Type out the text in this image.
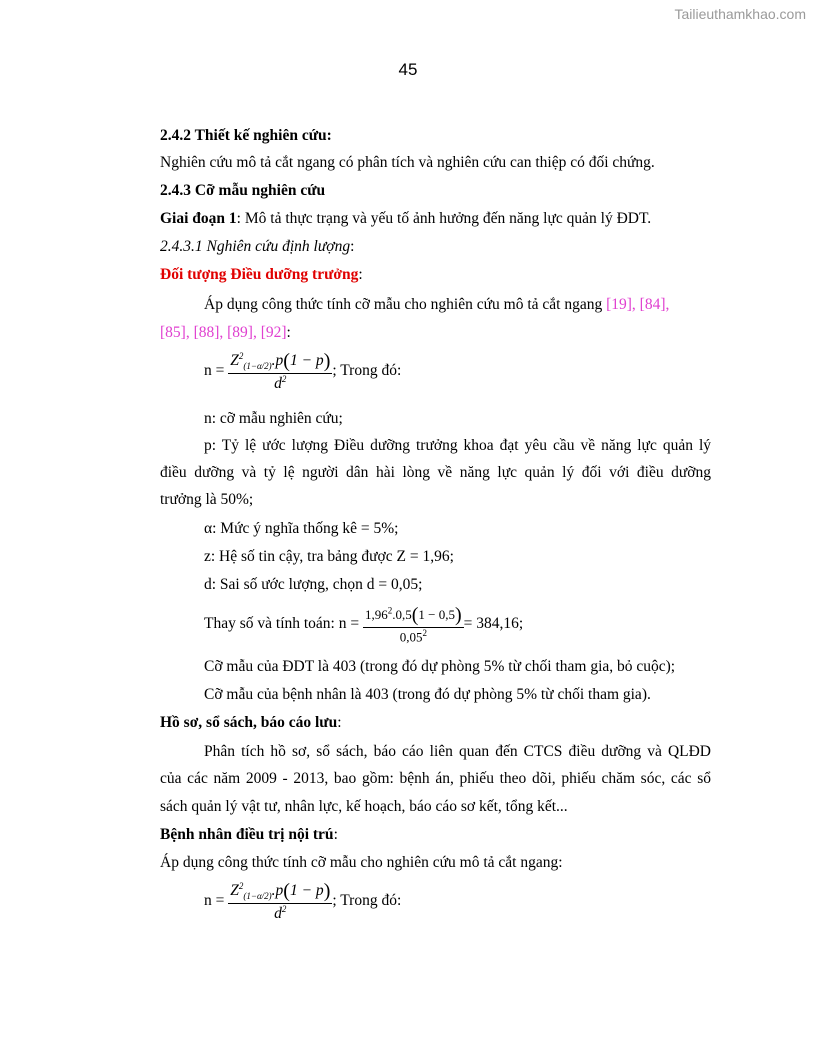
Tailieuthamkhao.com
45
2.4.2 Thiết kế nghiên cứu:
Nghiên cứu mô tả cắt ngang có phân tích và nghiên cứu can thiệp có đối chứng.
2.4.3 Cỡ mẫu nghiên cứu
Giai đoạn 1: Mô tả thực trạng và yếu tố ảnh hưởng đến năng lực quản lý ĐDT.
2.4.3.1 Nghiên cứu định lượng:
Đối tượng Điều dưỡng trưởng:
Áp dụng công thức tính cỡ mẫu cho nghiên cứu mô tả cắt ngang [19], [84],
[85], [88], [89], [92]:
$n = \frac{Z^2_{(1-\alpha/2)}.p(1 - p)}{d^2}$ ; Trong đó:
n: cỡ mẫu nghiên cứu;
p: Tỷ lệ ước lượng Điều dưỡng trưởng khoa đạt yêu cầu về năng lực quản lý
điều dưỡng và tỷ lệ người dân hài lòng về năng lực quản lý đối với điều dưỡng
trưởng là 50%;
α: Mức ý nghĩa thống kê = 5%;
z: Hệ số tin cậy, tra bảng được Z = 1,96;
d: Sai số ước lượng, chọn d = 0,05;
Thay số và tính toán: $n = \frac{1,96^2.0,5(1 - 0,5)}{0,05^2} = 384,16$;
Cỡ mẫu của ĐDT là 403 (trong đó dự phòng 5% từ chối tham gia, bỏ cuộc);
Cỡ mẫu của bệnh nhân là 403 (trong đó dự phòng 5% từ chối tham gia).
Hồ sơ, sổ sách, báo cáo lưu:
Phân tích hồ sơ, sổ sách, báo cáo liên quan đến CTCS điều dưỡng và QLĐD
của các năm 2009 - 2013, bao gồm: bệnh án, phiếu theo dõi, phiếu chăm sóc, các sổ
sách quản lý vật tư, nhân lực, kế hoạch, báo cáo sơ kết, tổng kết...
Bệnh nhân điều trị nội trú:
Áp dụng công thức tính cỡ mẫu cho nghiên cứu mô tả cắt ngang:
$n = \frac{Z^2_{(1-\alpha/2)}.p(1 - p)}{d^2}$ ; Trong đó:
